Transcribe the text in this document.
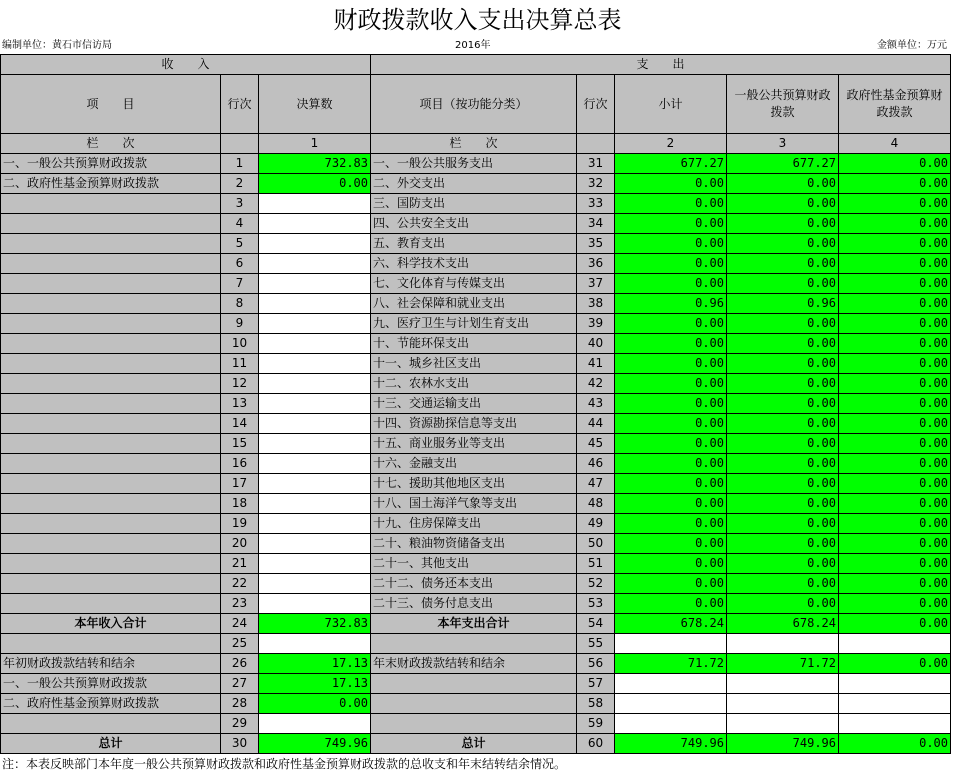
财政拨款收入支出决算总表
编制单位：黄石市信访局	2016年	金额单位：万元
收　　入			支　　出				
项　　目	行次	决算数	项目（按功能分类）	行次	小计	一般公共预算财政拨款	政府性基金预算财政拨款
栏　　次		1	栏　　次		2	3	4
一、一般公共预算财政拨款	1	732.83	一、一般公共服务支出	31	677.27	677.27	0.00
二、政府性基金预算财政拨款	2	0.00	二、外交支出	32	0.00	0.00	0.00
	3		三、国防支出	33	0.00	0.00	0.00
	4		四、公共安全支出	34	0.00	0.00	0.00
	5		五、教育支出	35	0.00	0.00	0.00
	6		六、科学技术支出	36	0.00	0.00	0.00
	7		七、文化体育与传媒支出	37	0.00	0.00	0.00
	8		八、社会保障和就业支出	38	0.96	0.96	0.00
	9		九、医疗卫生与计划生育支出	39	0.00	0.00	0.00
	10		十、节能环保支出	40	0.00	0.00	0.00
	11		十一、城乡社区支出	41	0.00	0.00	0.00
	12		十二、农林水支出	42	0.00	0.00	0.00
	13		十三、交通运输支出	43	0.00	0.00	0.00
	14		十四、资源勘探信息等支出	44	0.00	0.00	0.00
	15		十五、商业服务业等支出	45	0.00	0.00	0.00
	16		十六、金融支出	46	0.00	0.00	0.00
	17		十七、援助其他地区支出	47	0.00	0.00	0.00
	18		十八、国土海洋气象等支出	48	0.00	0.00	0.00
	19		十九、住房保障支出	49	0.00	0.00	0.00
	20		二十、粮油物资储备支出	50	0.00	0.00	0.00
	21		二十一、其他支出	51	0.00	0.00	0.00
	22		二十二、债务还本支出	52	0.00	0.00	0.00
	23		二十三、债务付息支出	53	0.00	0.00	0.00
本年收入合计	24	732.83	本年支出合计	54	678.24	678.24	0.00
	25			55			
年初财政拨款结转和结余	26	17.13	年末财政拨款结转和结余	56	71.72	71.72	0.00
一、一般公共预算财政拨款	27	17.13		57			
二、政府性基金预算财政拨款	28	0.00		58			
	29			59			
总计	30	749.96	总计	60	749.96	749.96	0.00
注：本表反映部门本年度一般公共预算财政拨款和政府性基金预算财政拨款的总收支和年末结转结余情况。
